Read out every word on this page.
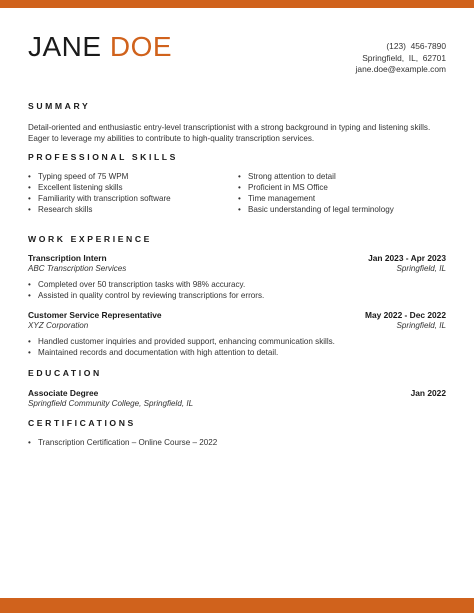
JANE DOE	(123)  456-7890
Springfield,  IL,  62701
jane.doe@example.com
SUMMARY
Detail-oriented and enthusiastic entry-level transcriptionist with a strong background in typing and listening skills. Eager to leverage my abilities to contribute to high-quality transcription services.
PROFESSIONAL SKILLS
• Typing speed of 75 WPM
• Excellent listening skills
• Familiarity with transcription software
• Research skills
• Strong attention to detail
• Proficient in MS Office
• Time management
• Basic understanding of legal terminology
WORK EXPERIENCE
Transcription Intern	Jan 2023 - Apr 2023
ABC Transcription Services	Springfield, IL
• Completed over 50 transcription tasks with 98% accuracy.
• Assisted in quality control by reviewing transcriptions for errors.
Customer Service Representative	May 2022 - Dec 2022
XYZ Corporation	Springfield, IL
• Handled customer inquiries and provided support, enhancing communication skills.
• Maintained records and documentation with high attention to detail.
EDUCATION
Associate Degree	Jan 2022
Springfield Community College, Springfield, IL
CERTIFICATIONS
• Transcription Certification – Online Course – 2022
